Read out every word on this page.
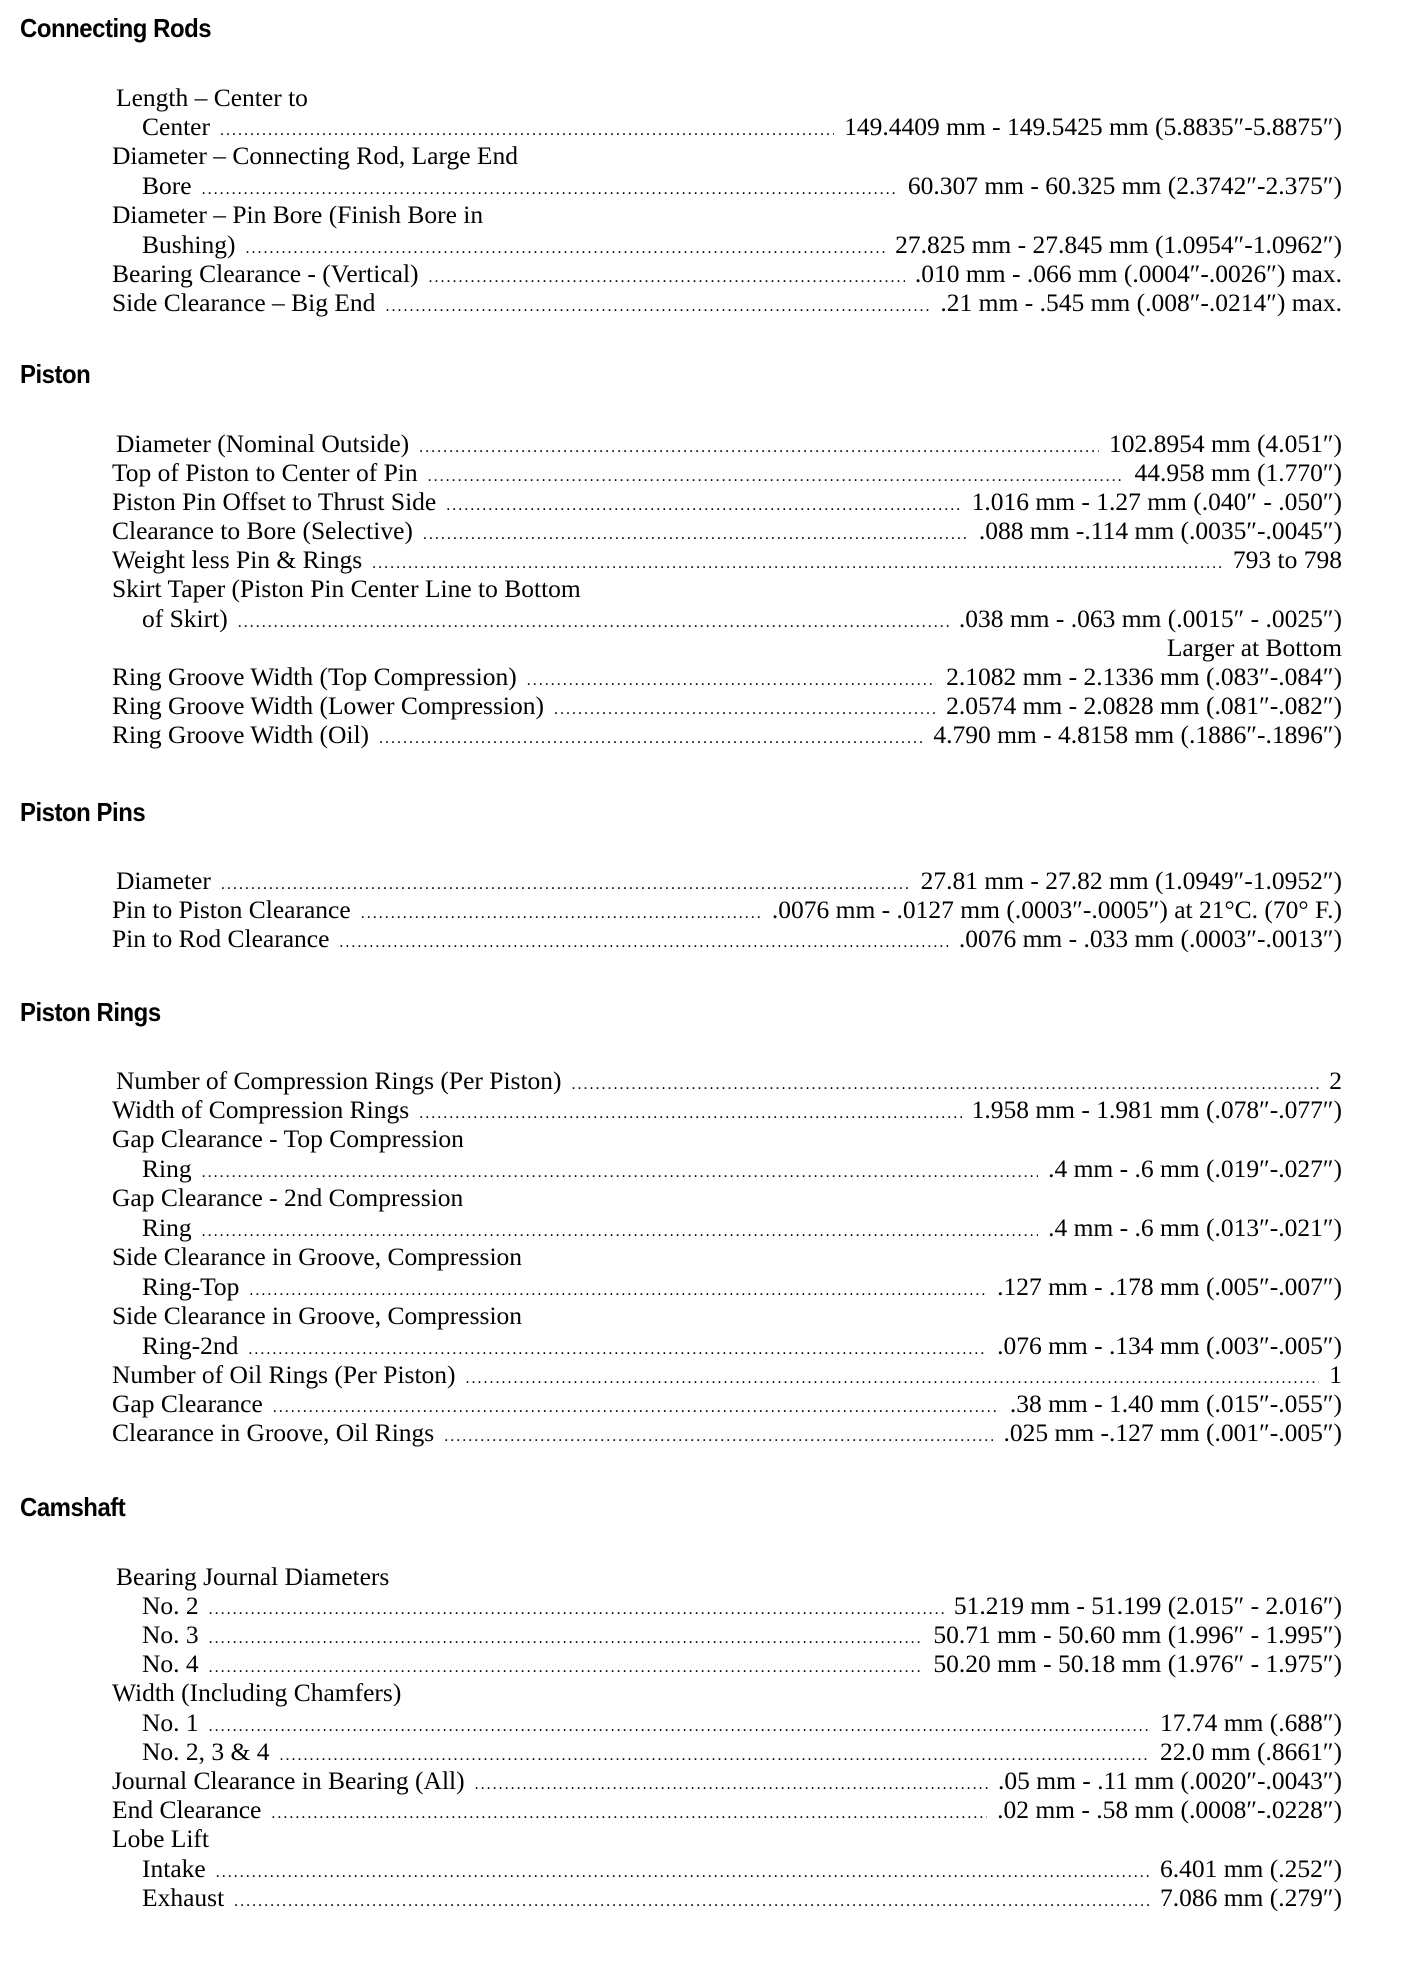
Connecting Rods
Length – Center to
Center .....	149.4409 mm - 149.5425 mm (5.8835″-5.8875″)
Diameter – Connecting Rod, Large End
Bore .....	60.307 mm - 60.325 mm (2.3742″-2.375″)
Diameter – Pin Bore (Finish Bore in
Bushing) .....	27.825 mm - 27.845 mm (1.0954″-1.0962″)
Bearing Clearance - (Vertical) .....	.010 mm - .066 mm (.0004″-.0026″) max.
Side Clearance – Big End .....	.21 mm - .545 mm (.008″-.0214″) max.
Piston
Diameter (Nominal Outside) .....	102.8954 mm (4.051″)
Top of Piston to Center of Pin .....	44.958 mm (1.770″)
Piston Pin Offset to Thrust Side .....	1.016 mm - 1.27 mm (.040″ - .050″)
Clearance to Bore (Selective) .....	.088 mm -.114 mm (.0035″-.0045″)
Weight less Pin & Rings .....	793 to 798
Skirt Taper (Piston Pin Center Line to Bottom
of Skirt) .....	.038 mm - .063 mm (.0015″ - .0025″)
Larger at Bottom
Ring Groove Width (Top Compression) .....	2.1082 mm - 2.1336 mm (.083″-.084″)
Ring Groove Width (Lower Compression) .....	2.0574 mm - 2.0828 mm (.081″-.082″)
Ring Groove Width (Oil) .....	4.790 mm - 4.8158 mm (.1886″-.1896″)
Piston Pins
Diameter .....	27.81 mm - 27.82 mm (1.0949″-1.0952″)
Pin to Piston Clearance .....	.0076 mm - .0127 mm (.0003″-.0005″) at 21°C. (70° F.)
Pin to Rod Clearance .....	.0076 mm - .033 mm (.0003″-.0013″)
Piston Rings
Number of Compression Rings (Per Piston) .....	2
Width of Compression Rings .....	1.958 mm - 1.981 mm (.078″-.077″)
Gap Clearance - Top Compression
Ring .....	.4 mm - .6 mm (.019″-.027″)
Gap Clearance - 2nd Compression
Ring .....	.4 mm - .6 mm (.013″-.021″)
Side Clearance in Groove, Compression
Ring-Top .....	.127 mm - .178 mm (.005″-.007″)
Side Clearance in Groove, Compression
Ring-2nd .....	.076 mm - .134 mm (.003″-.005″)
Number of Oil Rings (Per Piston) .....	1
Gap Clearance .....	.38 mm - 1.40 mm (.015″-.055″)
Clearance in Groove, Oil Rings .....	.025 mm -.127 mm (.001″-.005″)
Camshaft
Bearing Journal Diameters
No. 2 .....	51.219 mm - 51.199 (2.015″ - 2.016″)
No. 3 .....	50.71 mm - 50.60 mm (1.996″ - 1.995″)
No. 4 .....	50.20 mm - 50.18 mm (1.976″ - 1.975″)
Width (Including Chamfers)
No. 1 .....	17.74 mm (.688″)
No. 2, 3 & 4 .....	22.0 mm (.8661″)
Journal Clearance in Bearing (All) .....	.05 mm - .11 mm (.0020″-.0043″)
End Clearance .....	.02 mm - .58 mm (.0008″-.0228″)
Lobe Lift
Intake .....	6.401 mm (.252″)
Exhaust .....	7.086 mm (.279″)
